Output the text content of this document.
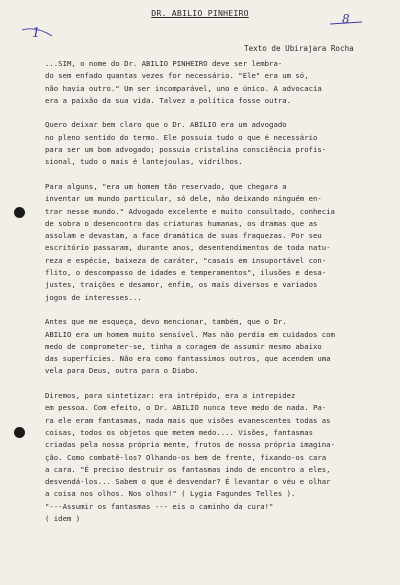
1
8
DR. ABILIO PINHEIRO
Texto de Ubirajara Rocha
...SIM, o nome do Dr. ABILIO PINHEIRO deve ser lembra-
do sem enfado quantas vezes for necessário. "Ele" era um só,
não havia outro." Um ser incomparável, uno e único. A advocacia
era a paixão da sua vida. Talvez a política fosse outra.
Quero deixar bem claro que o Dr. ABILIO era um advogado
no pleno sentido do termo. Ele possuia tudo o que é necessário
para ser um bom advogado; possuia cristalina consciência profis-
sional, tudo o mais é lantejoulas, vidrilhos.
Para alguns, "era um homem tão reservado, que chegara a
inventar um mundo particular, só dele, não deixando ninguém en-
trar nesse mundo." Advogado excelente e muito consultado, conhecia
de sobra o desencontro das criaturas humanas, os dramas que as
assolam e devastam, a face dramática de suas fraquezas. Por seu
escritório passaram, durante anos, desentendimentos de toda natu-
reza e espécie, baixeza de caráter, "casais em insuportável con-
flito, o descompasso de idades e temperamentos", ilusões e desa-
justes, traições e desamor, enfim, os mais diversos e variados
jogos de interesses...
Antes que me esqueça, devo mencionar, também, que o Dr.
ABILIO era um homem muito sensível. Mas não perdia em cuidados com
medo de comprometer-se, tinha a coragem de assumir mesmo abaixo
das superfícies. Não era como fantassimos outros, que acendem uma
vela para Deus, outra para o Diabo.
Diremos, para sintetizar: era intrépido, era a intrepidez
em pessoa. Com efeito, o Dr. ABILIO nunca teve medo de nada. Pa-
ra ele eram fantasmas, nada mais que visões evanescentes todas as
coisas, todos os objetos que metem medo.... Visões, fantasmas
criadas pela nossa própria mente, frutos de nossa própria imagina-
ção. Como combatê-los? Olhando-os bem de frente, fixando-os cara
a cara. "É preciso destruir os fantasmas indo de encontro a eles,
desvendá-los... Sabem o que é desvendar? É levantar o véu e olhar
a coisa nos olhos. Nos olhos!" ( Lygia Fagundes Telles ).
"---Assumir os fantasmas --- eis o caminho da cura!"
( idem )
